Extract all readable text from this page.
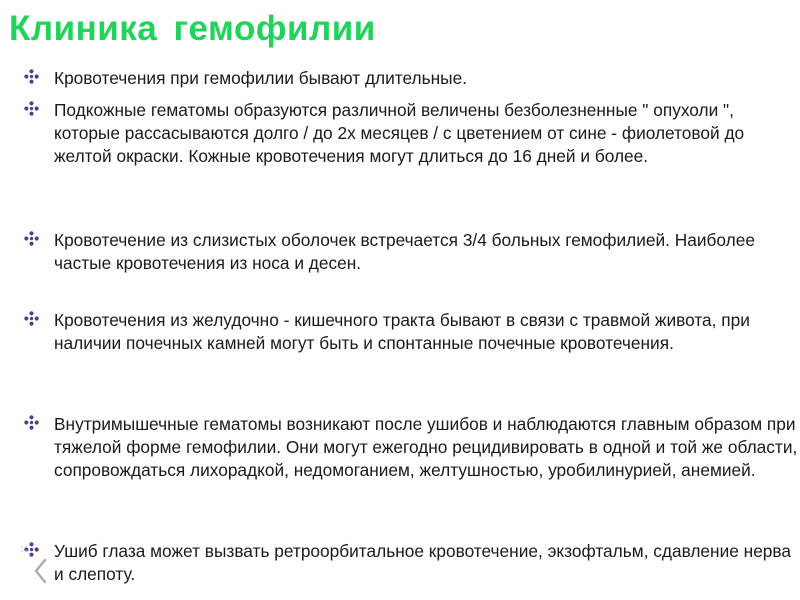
Клиника гемофилии
Кровотечения при гемофилии бывают длительные.
Подкожные гематомы образуются различной величены безболезненные " опухоли ", которые рассасываются долго / до 2х месяцев / с цветением от сине - фиолетовой до желтой окраски. Кожные кровотечения могут длиться до 16 дней и более.
Кровотечение из слизистых оболочек встречается 3/4 больных гемофилией. Наиболее частые кровотечения из носа и десен.
Кровотечения из желудочно - кишечного тракта бывают в связи с травмой живота, при наличии почечных камней могут быть и спонтанные почечные кровотечения.
Внутримышечные гематомы возникают после ушибов и наблюдаются главным образом при тяжелой форме гемофилии. Они могут ежегодно рецидивировать в одной и той же области, сопровождаться лихорадкой, недомоганием, желтушностью, уробилинурией, анемией.
Ушиб глаза может вызвать ретроорбитальное кровотечение, экзофтальм, сдавление нерва и слепоту.
